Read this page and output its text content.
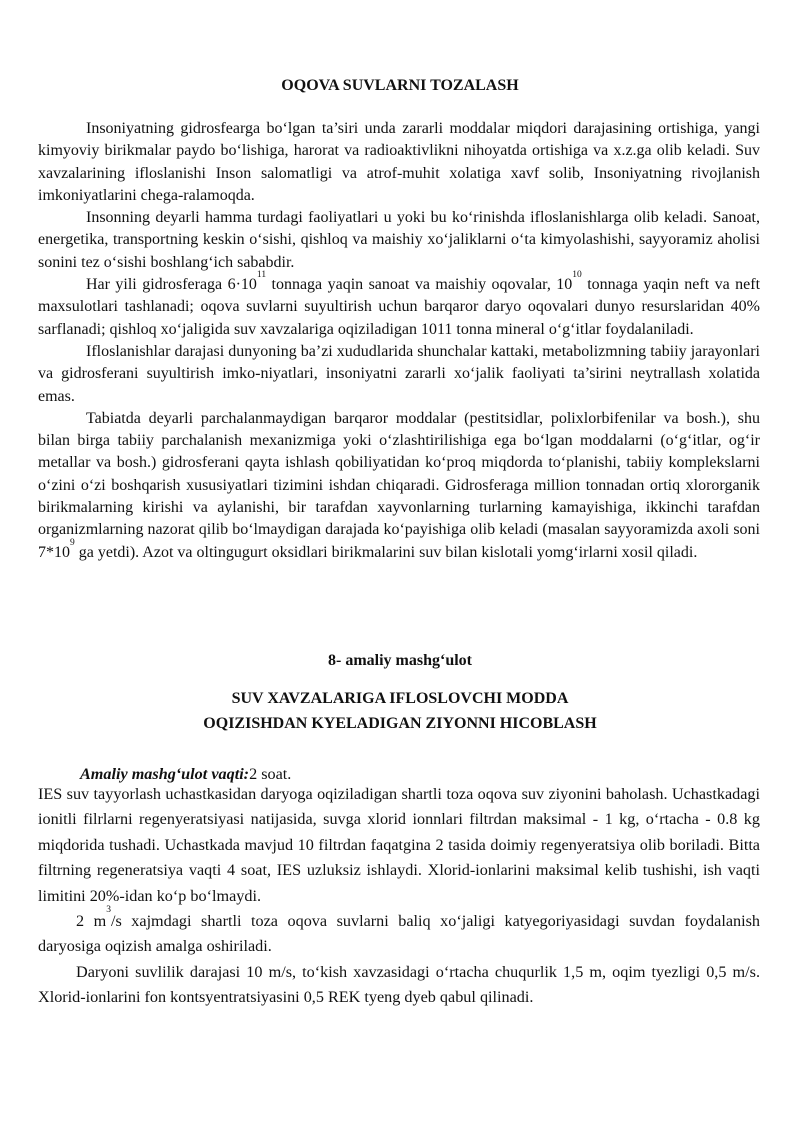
OQOVA SUVLARNI TOZALASH

Insoniyatning gidrosfearga bo‘lgan ta’siri unda zararli moddalar miqdori darajasining ortishiga, yangi kimyoviy birikmalar paydo bo‘lishiga, harorat va radioaktivlikni nihoyatda ortishiga va x.z.ga olib keladi. Suv xavzalarining ifloslanishi Inson salomatligi va atrof-muhit xolatiga xavf solib, Insoniyatning rivojlanish imkoniyatlarini chega-ralamoqda.

Insonning deyarli hamma turdagi faoliyatlari u yoki bu ko‘rinishda ifloslanishlarga olib keladi. Sanoat, energetika, transportning keskin o‘sishi, qishloq va maishiy xo‘jaliklarni o‘ta kimyolashishi, sayyoramiz aholisi sonini tez o‘sishi boshlang‘ich sababdir.

Har yili gidrosferaga $6\cdot 10^{11}$ tonnaga yaqin sanoat va maishiy oqovalar, $10^{10}$ tonnaga yaqin neft va neft maxsulotlari tashlanadi; oqova suvlarni suyultirish uchun barqaror daryo oqovalari dunyo resurslaridan 40% sarflanadi; qishloq xo‘jaligida suv xavzalariga oqiziladigan 1011 tonna mineral o‘g‘itlar foydalaniladi.

Ifloslanishlar darajasi dunyoning ba’zi xududlarida shunchalar kattaki, metabolizmning tabiiy jarayonlari va gidrosferani suyultirish imko-niyatlari, insoniyatni zararli xo‘jalik faoliyati ta’sirini neytrallash xolatida emas.

Tabiatda deyarli parchalanmaydigan barqaror moddalar (pestitsidlar, polixlorbifenilar va bosh.), shu bilan birga tabiiy parchalanish mexanizmiga yoki o‘zlashtirilishiga ega bo‘lgan moddalarni (o‘g‘itlar, og‘ir metallar va bosh.) gidrosferani qayta ishlash qobiliyatidan ko‘proq miqdorda to‘planishi, tabiiy komplekslarni o‘zini o‘zi boshqarish xususiyatlari tizimini ishdan chiqaradi. Gidrosferaga million tonnadan ortiq xlororganik birikmalarning kirishi va aylanishi, bir tarafdan xayvonlarning turlarning kamayishiga, ikkinchi tarafdan organizmlarning nazorat qilib bo‘lmaydigan darajada ko‘payishiga olib keladi (masalan sayyoramizda axoli soni $7*10^9$ ga yetdi). Azot va oltingugurt oksidlari birikmalarini suv bilan kislotali yomg‘irlarni xosil qiladi.

8- amaliy mashg‘ulot
SUV XAVZALARIGA IFLOSLOVCHI MODDA
OQIZISHDAN KYELADIGAN ZIYONNI HICOBLASH
Amaliy mashg‘ulot vaqti:2 soat.

IES suv tayyorlash uchastkasidan daryoga oqiziladigan shartli toza oqova suv ziyonini baholash. Uchastkadagi ionitli filrlarni regenyeratsiyasi natijasida, suvga xlorid ionnlari filtrdan maksimal - 1 kg, o‘rtacha - 0.8 kg miqdorida tushadi. Uchastkada mavjud 10 filtrdan faqatgina 2 tasida doimiy regenyeratsiya olib boriladi. Bitta filtrning regeneratsiya vaqti 4 soat, IES uzluksiz ishlaydi. Xlorid-ionlarini maksimal kelib tushishi, ish vaqti limitini 20%-idan ko‘p bo‘lmaydi.

2 $m^3/s$ xajmdagi shartli toza oqova suvlarni baliq xo‘jaligi katyegoriyasidagi suvdan foydalanish daryosiga oqizish amalga oshiriladi.

Daryoni suvlilik darajasi 10 m/s, to‘kish xavzasidagi o‘rtacha chuqurlik 1,5 m, oqim tyezligi 0,5 m/s. Xlorid-ionlarini fon kontsyentratsiyasini 0,5 REK tyeng dyeb qabul qilinadi.
